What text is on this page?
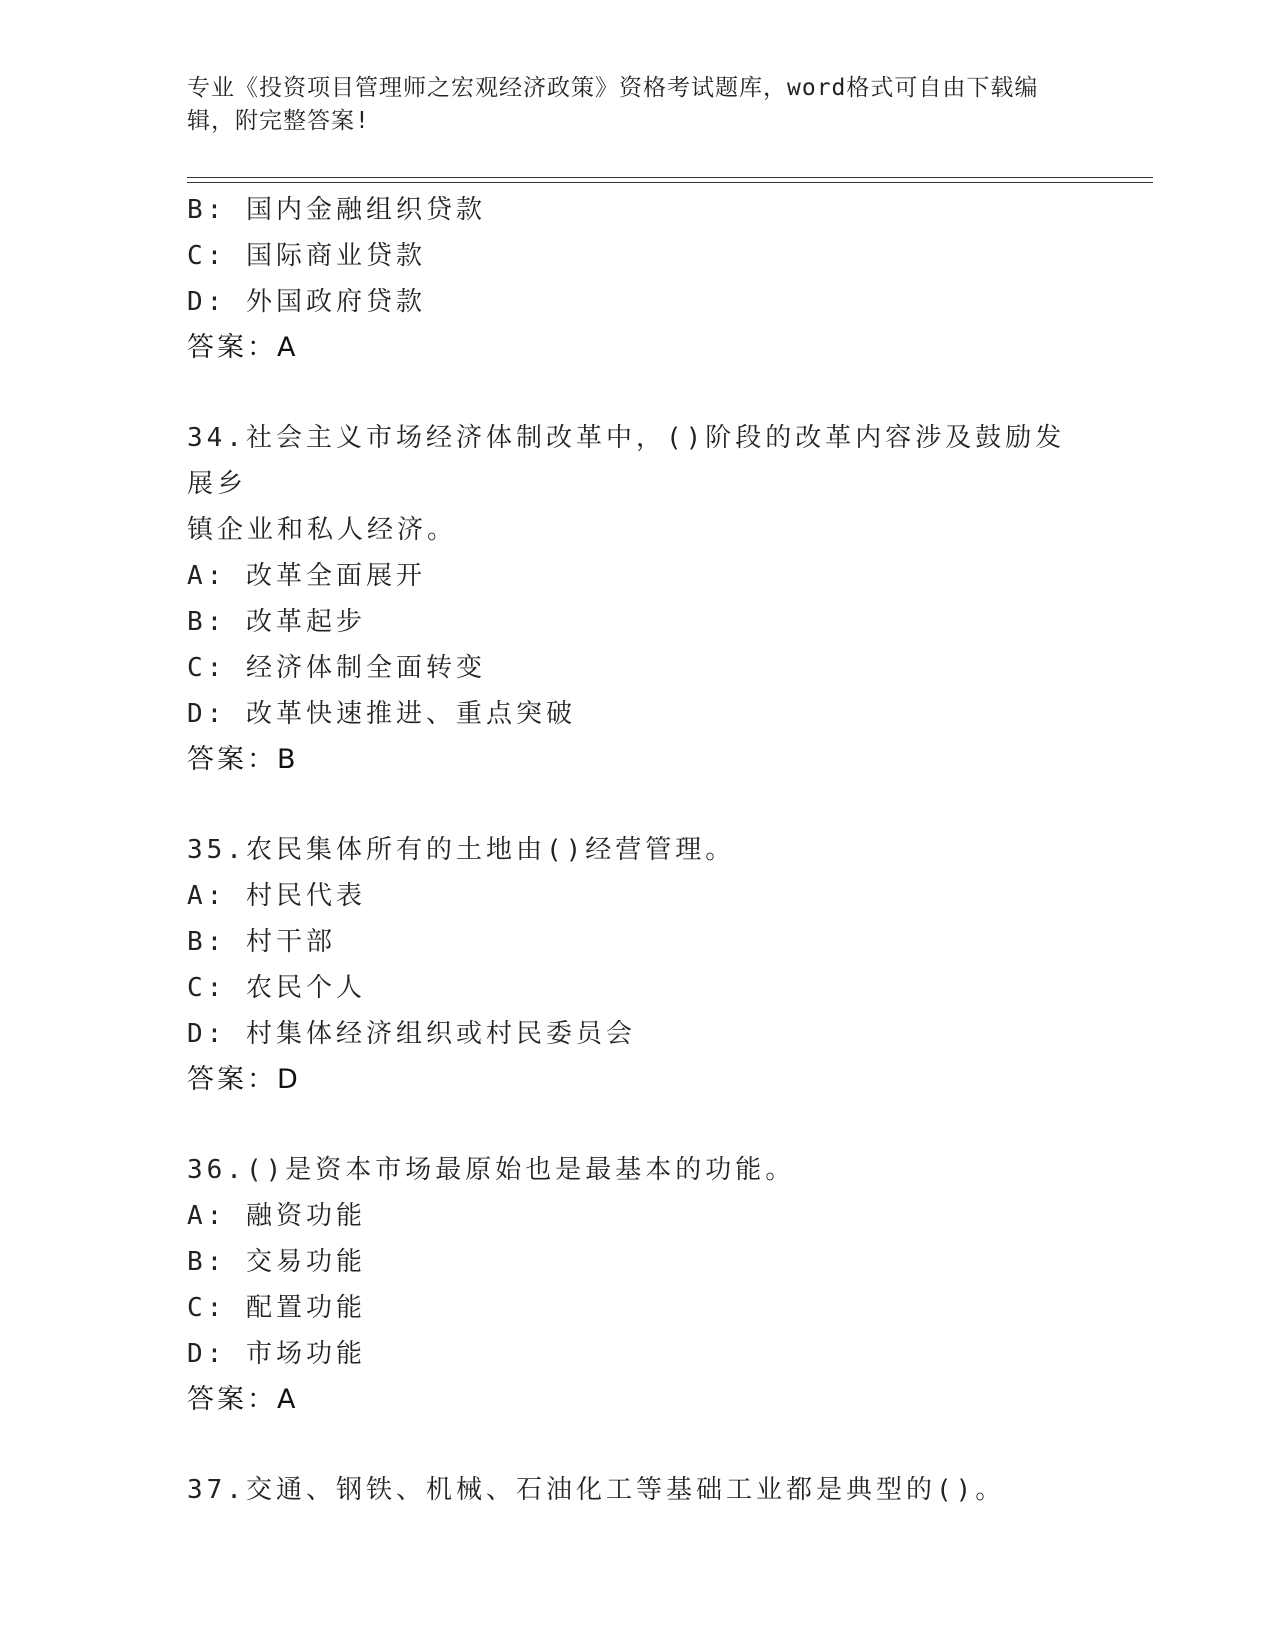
专业《投资项目管理师之宏观经济政策》资格考试题库，word格式可自由下载编
辑，附完整答案!
B: 国内金融组织贷款
C: 国际商业贷款
D: 外国政府贷款
答案：A
34.社会主义市场经济体制改革中，()阶段的改革内容涉及鼓励发展乡
镇企业和私人经济。
A: 改革全面展开
B: 改革起步
C: 经济体制全面转变
D: 改革快速推进、重点突破
答案：B
35.农民集体所有的土地由()经营管理。
A: 村民代表
B: 村干部
C: 农民个人
D: 村集体经济组织或村民委员会
答案：D
36.()是资本市场最原始也是最基本的功能。
A: 融资功能
B: 交易功能
C: 配置功能
D: 市场功能
答案：A
37.交通、钢铁、机械、石油化工等基础工业都是典型的()。
